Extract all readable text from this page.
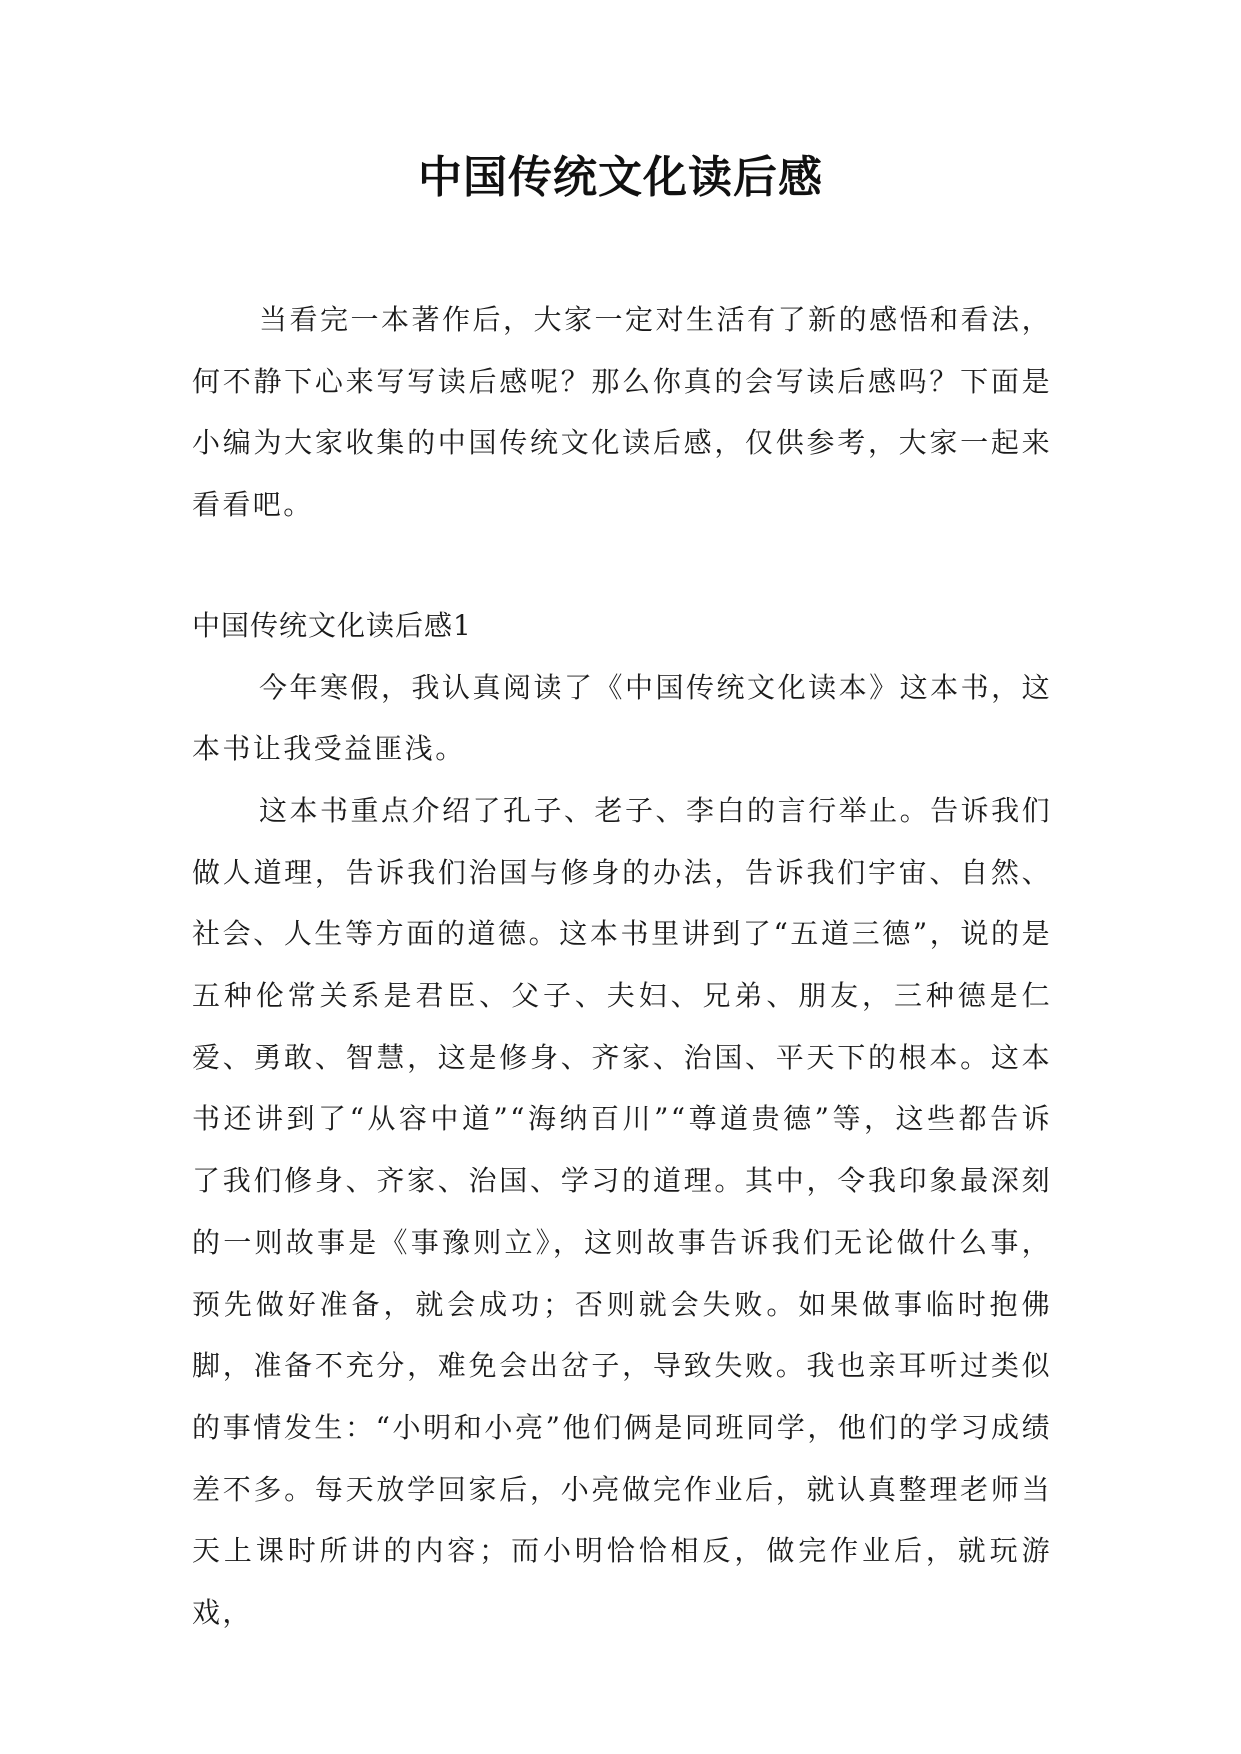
中国传统文化读后感

当看完一本著作后，大家一定对生活有了新的感悟和看法，何不静下心来写写读后感呢？那么你真的会写读后感吗？下面是小编为大家收集的中国传统文化读后感，仅供参考，大家一起来看看吧。

中国传统文化读后感1

今年寒假，我认真阅读了《中国传统文化读本》这本书，这本书让我受益匪浅。

这本书重点介绍了孔子、老子、李白的言行举止。告诉我们做人道理，告诉我们治国与修身的办法，告诉我们宇宙、自然、社会、人生等方面的道德。这本书里讲到了“五道三德”，说的是五种伦常关系是君臣、父子、夫妇、兄弟、朋友，三种德是仁爱、勇敢、智慧，这是修身、齐家、治国、平天下的根本。这本书还讲到了“从容中道”“海纳百川”“尊道贵德”等，这些都告诉了我们修身、齐家、治国、学习的道理。其中，令我印象最深刻的一则故事是《事豫则立》，这则故事告诉我们无论做什么事，预先做好准备，就会成功；否则就会失败。如果做事临时抱佛脚，准备不充分，难免会出岔子，导致失败。我也亲耳听过类似的事情发生：“小明和小亮”他们俩是同班同学，他们的学习成绩差不多。每天放学回家后，小亮做完作业后，就认真整理老师当天上课时所讲的内容；而小明恰恰相反，做完作业后，就玩游戏，
